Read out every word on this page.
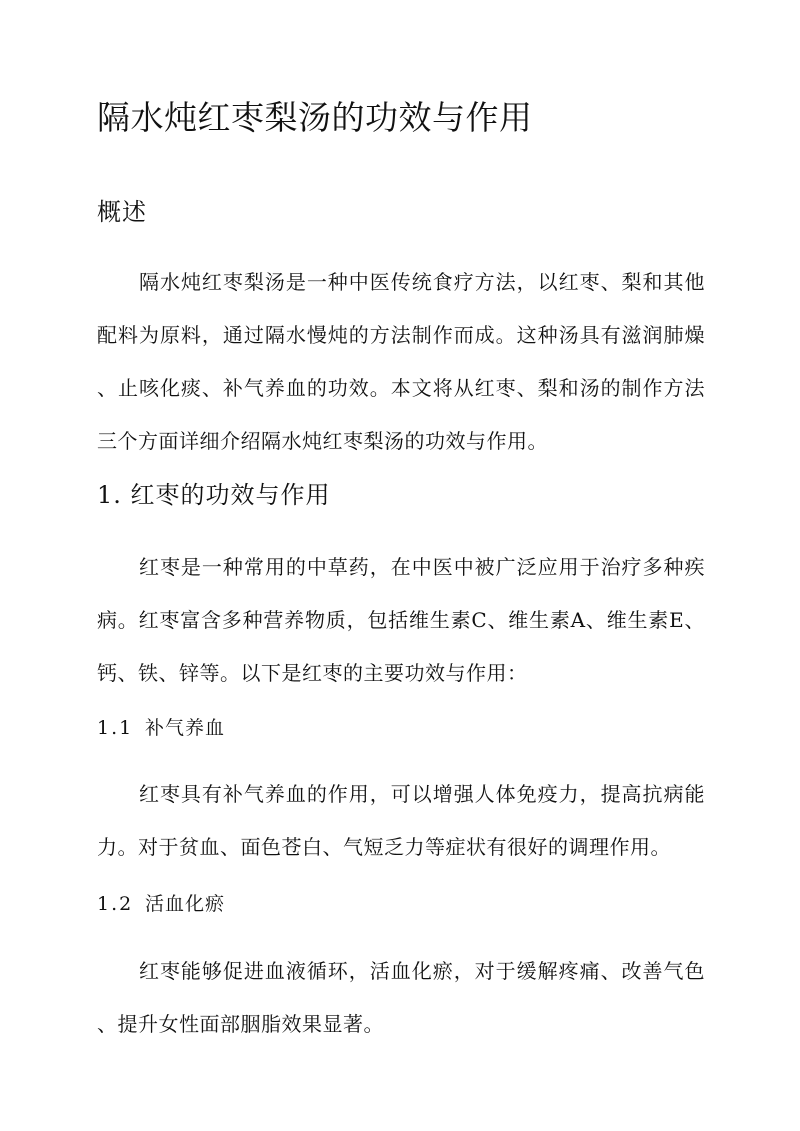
隔水炖红枣梨汤的功效与作用
概述
　　隔水炖红枣梨汤是一种中医传统食疗方法，以红枣、梨和其他
配料为原料，通过隔水慢炖的方法制作而成。这种汤具有滋润肺燥
、止咳化痰、补气养血的功效。本文将从红枣、梨和汤的制作方法
三个方面详细介绍隔水炖红枣梨汤的功效与作用。
1. 红枣的功效与作用
　　红枣是一种常用的中草药，在中医中被广泛应用于治疗多种疾
病。红枣富含多种营养物质，包括维生素C、维生素A、维生素E、
钙、铁、锌等。以下是红枣的主要功效与作用：
1.1 补气养血
　　红枣具有补气养血的作用，可以增强人体免疫力，提高抗病能
力。对于贫血、面色苍白、气短乏力等症状有很好的调理作用。
1.2 活血化瘀
　　红枣能够促进血液循环，活血化瘀，对于缓解疼痛、改善气色
、提升女性面部胭脂效果显著。
